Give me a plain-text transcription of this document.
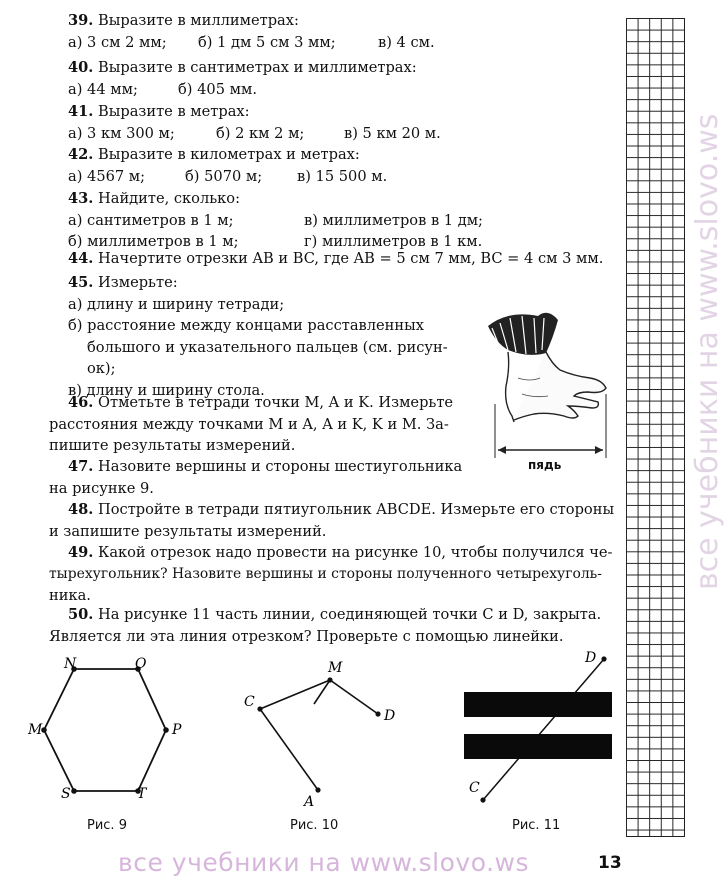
39. Выразите в миллиметрах:
а) 3 см 2 мм; б) 1 дм 5 см 3 мм;	в) 4 см.
40. Выразите в сантиметрах и миллиметрах:
а) 44 мм;	б) 405 мм.
41. Выразите в метрах:
а) 3 км 300 м;	б) 2 км 2 м;	в) 5 км 20 м.
42. Выразите в километрах и метрах:
а) 4567 м;	б) 5070 м; в) 15 500 м.
43. Найдите, сколько:
а) сантиметров в 1 м;	в) миллиметров в 1 дм;
б) миллиметров в 1 м;	г) миллиметров в 1 км.
44. Начертите отрезки AB и BC, где AB = 5 см 7 мм, BC = 4 см 3 мм.
45. Измерьте:
а) длину и ширину тетради;
б) расстояние между концами расставленных
большого и указательного пальцев (см. рисун-
ок);
в) длину и ширину стола.
пядь
46. Отметьте в тетради точки M, A и K. Измерьте
расстояния между точками M и A, A и K, K и M. За-
пишите результаты измерений.
47. Назовите вершины и стороны шестиугольника
на рисунке 9.
48. Постройте в тетради пятиугольник ABCDE. Измерьте его стороны
и запишите результаты измерений.
49. Какой отрезок надо провести на рисунке 10, чтобы получился че-
тырехугольник? Назовите вершины и стороны полученного четырехуголь-
ника.
50. На рисунке 11 часть линии, соединяющей точки C и D, закрыта.
Является ли эта линия отрезком? Проверьте с помощью линейки.
N	O
P
T
S
M
Рис. 9
M
C
D
A
Рис. 10
D
C
Рис. 11
все учебники на www.slovo.ws
все учебники на www.slovo.ws	13
